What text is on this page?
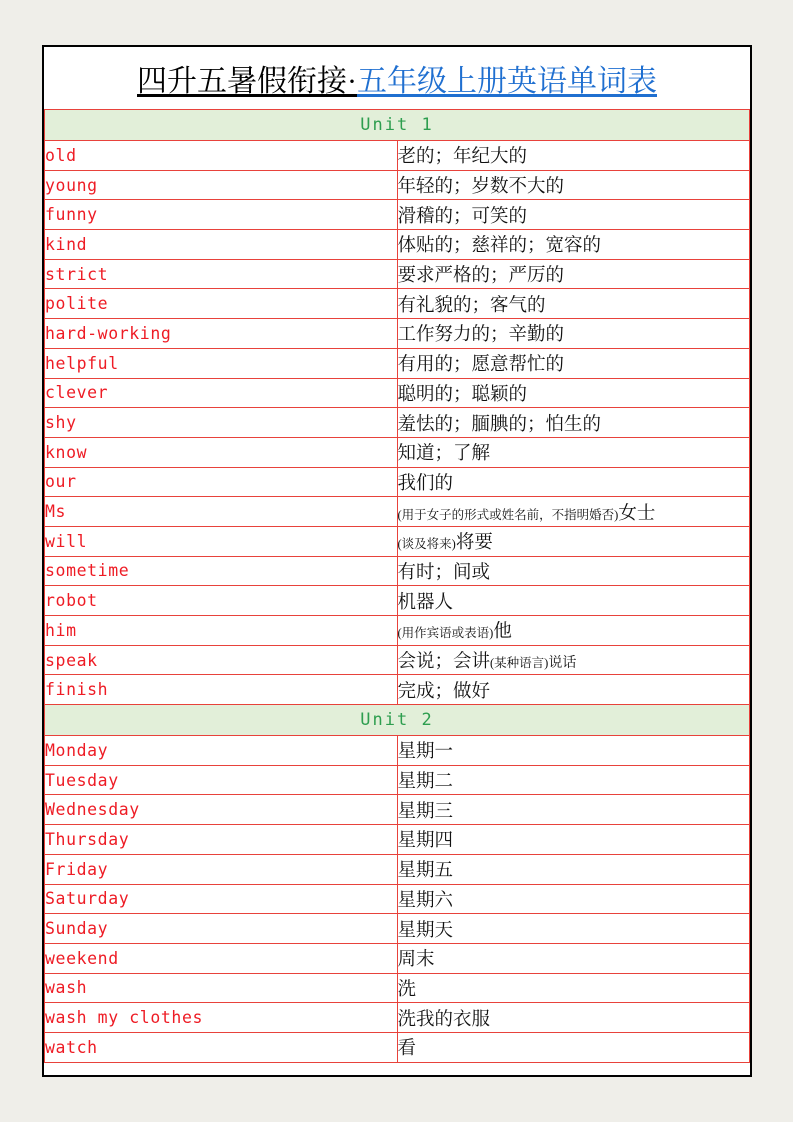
四升五暑假衔接·五年级上册英语单词表
Unit 1	
old	老的；年纪大的
young	年轻的；岁数不大的
funny	滑稽的；可笑的
kind	体贴的；慈祥的；宽容的
strict	要求严格的；严厉的
polite	有礼貌的；客气的
hard-working	工作努力的；辛勤的
helpful	有用的；愿意帮忙的
clever	聪明的；聪颖的
shy	羞怯的；腼腆的；怕生的
know	知道；了解
our	我们的
Ms	(用于女子的形式或姓名前，不指明婚否)女士
will	(谈及将来)将要
sometime	有时；间或
robot	机器人
him	(用作宾语或表语)他
speak	会说；会讲(某种语言)说话
finish	完成；做好
Unit 2	
Monday	星期一
Tuesday	星期二
Wednesday	星期三
Thursday	星期四
Friday	星期五
Saturday	星期六
Sunday	星期天
weekend	周末
wash	洗
wash my clothes	洗我的衣服
watch	看
